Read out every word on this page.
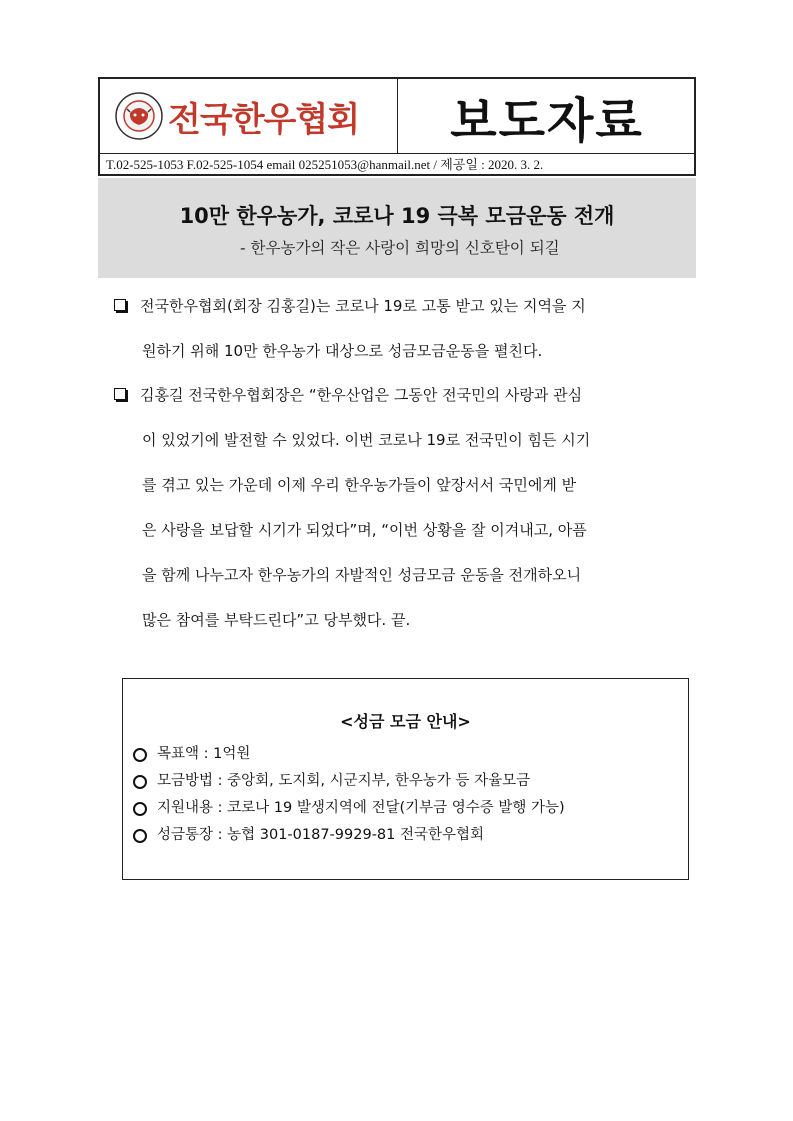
전국한우협회	보도자료
T.02-525-1053 F.02-525-1054 email 025251053@hanmail.net / 제공일 : 2020. 3. 2.
10만 한우농가, 코로나 19 극복 모금운동 전개
- 한우농가의 작은 사랑이 희망의 신호탄이 되길
전국한우협회(회장 김홍길)는 코로나 19로 고통 받고 있는 지역을 지
원하기 위해 10만 한우농가 대상으로 성금모금운동을 펼친다.
김홍길 전국한우협회장은 “한우산업은 그동안 전국민의 사랑과 관심
이 있었기에 발전할 수 있었다. 이번 코로나 19로 전국민이 힘든 시기
를 겪고 있는 가운데 이제 우리 한우농가들이 앞장서서 국민에게 받
은 사랑을 보답할 시기가 되었다”며, “이번 상황을 잘 이겨내고, 아픔
을 함께 나누고자 한우농가의 자발적인 성금모금 운동을 전개하오니
많은 참여를 부탁드린다”고 당부했다. 끝.
<성금 모금 안내>
목표액 : 1억원
모금방법 : 중앙회, 도지회, 시군지부, 한우농가 등 자율모금
지원내용 : 코로나 19 발생지역에 전달(기부금 영수증 발행 가능)
성금통장 : 농협 301-0187-9929-81 전국한우협회
